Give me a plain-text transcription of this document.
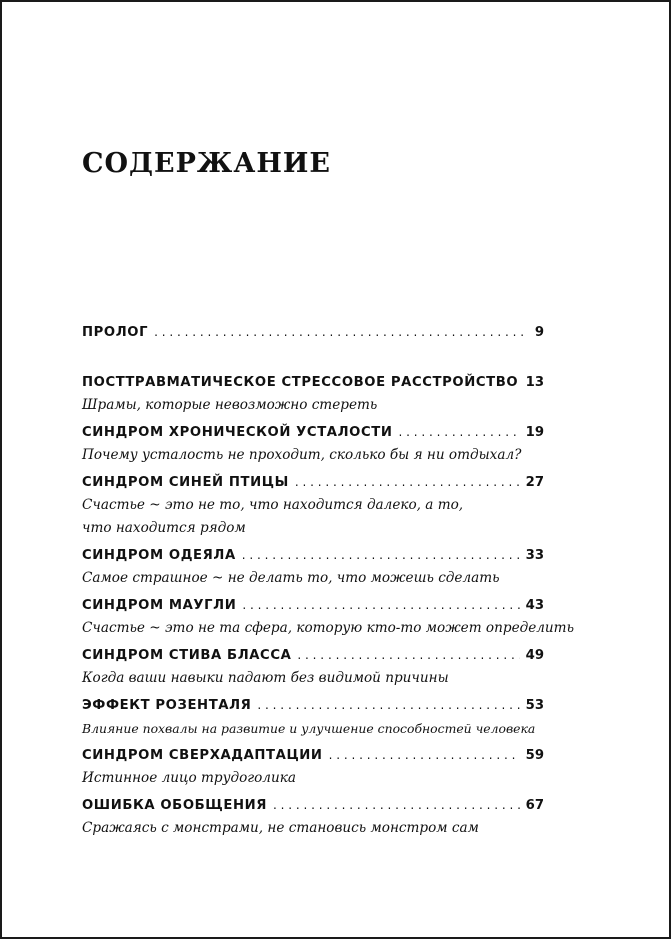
СОДЕРЖАНИЕ
ПРОЛОГ . . .	9
ПОСТТРАВМАТИЧЕСКОЕ СТРЕССОВОЕ РАССТРОЙСТВО 13
Шрамы, которые невозможно стереть
СИНДРОМ ХРОНИЧЕСКОЙ УСТАЛОСТИ . . .	19
Почему усталость не проходит, сколько бы я ни отдыхал?
СИНДРОМ СИНЕЙ ПТИЦЫ . . .	27
Счастье ~ это не то, что находится далеко, а то,
что находится рядом
СИНДРОМ ОДЕЯЛА . . .	33
Самое страшное ~ не делать то, что можешь сделать
СИНДРОМ МАУГЛИ . . .	43
Счастье ~ это не та сфера, которую кто-то может определить
СИНДРОМ СТИВА БЛАССА . . .	49
Когда ваши навыки падают без видимой причины
ЭФФЕКТ РОЗЕНТАЛЯ . . .	53
Влияние похвалы на развитие и улучшение способностей человека
СИНДРОМ СВЕРХАДАПТАЦИИ . . .	59
Истинное лицо трудоголика
ОШИБКА ОБОБЩЕНИЯ . . .	67
Сражаясь с монстрами, не становись монстром сам
